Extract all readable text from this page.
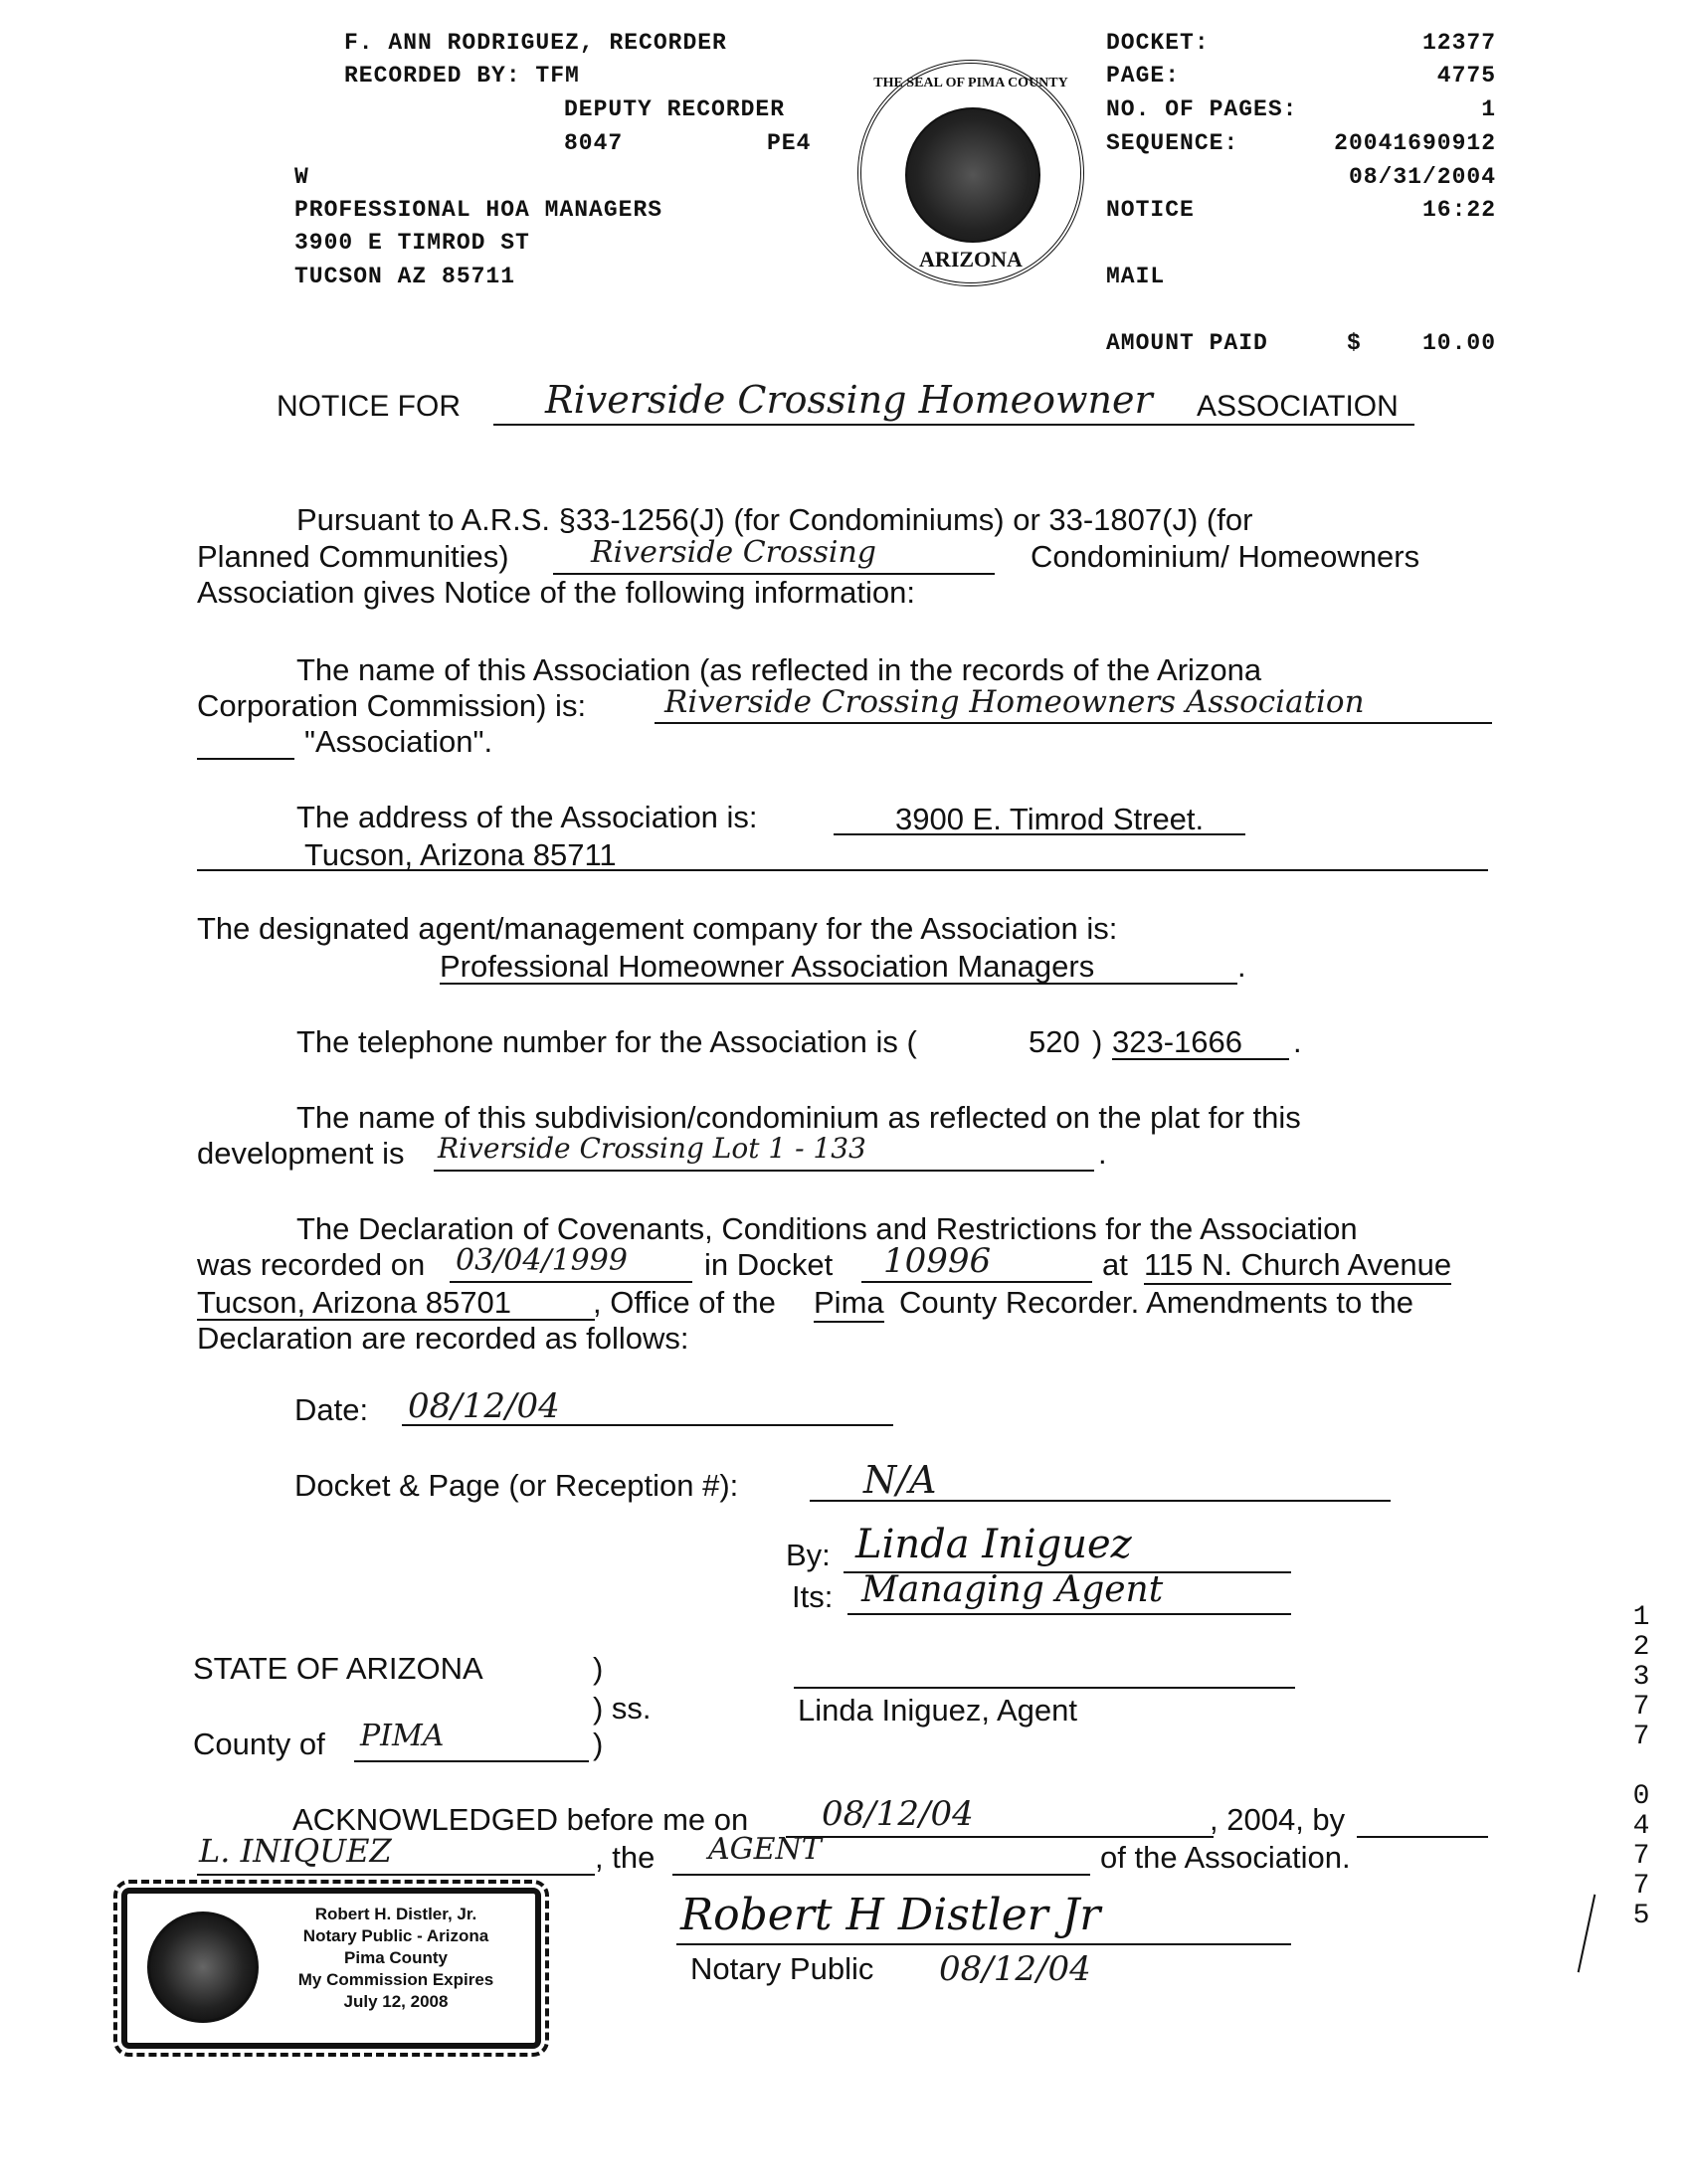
F. ANN RODRIGUEZ, RECORDER
RECORDED BY: TFM
DEPUTY RECORDER
8047	PE4
W
PROFESSIONAL HOA MANAGERS
3900 E TIMROD ST
TUCSON AZ 85711
THE SEAL OF PIMA COUNTY
ARIZONA
DOCKET:	12377
PAGE:	4775
NO. OF PAGES:	1
SEQUENCE:	20041690912
08/31/2004
NOTICE	16:22
MAIL
AMOUNT PAID	$	10.00
NOTICE FOR Riverside Crossing Homeowner ASSOCIATION
Pursuant to A.R.S. §33-1256(J) (for Condominiums) or 33-1807(J) (for
Planned Communities)	Riverside Crossing	Condominium/ Homeowners
Association gives Notice of the following information:
The name of this Association (as reflected in the records of the Arizona
Corporation Commission) is:	Riverside Crossing Homeowners Association
"Association".
The address of the Association is:	3900 E. Timrod Street.
Tucson, Arizona 85711
The designated agent/management company for the Association is:
Professional Homeowner Association Managers	.
The telephone number for the Association is (	520 ) 323-1666 .
The name of this subdivision/condominium as reflected on the plat for this
development is Riverside Crossing Lot 1 - 133	.
The Declaration of Covenants, Conditions and Restrictions for the Association
was recorded on 03/04/1999 in Docket 10996	at 115 N. Church Avenue
Tucson, Arizona 85701	, Office of the Pima County Recorder. Amendments to the
Declaration are recorded as follows:
Date: 08/12/04
Docket & Page (or Reception #):	N/A
By: Linda Iniguez
Its: Managing Agent
STATE OF ARIZONA	)
) ss.	Linda Iniguez, Agent
County of PIMA	)
ACKNOWLEDGED before me on 08/12/04	, 2004, by
L. INIQUEZ	, the AGENT	of the Association.
Robert H Distler Jr
Notary Public 08/12/04
Robert H. Distler, Jr.
Notary Public - Arizona
Pima County
My Commission Expires
July 12, 2008
1
2
3
7
7

0
4
7
7
5
